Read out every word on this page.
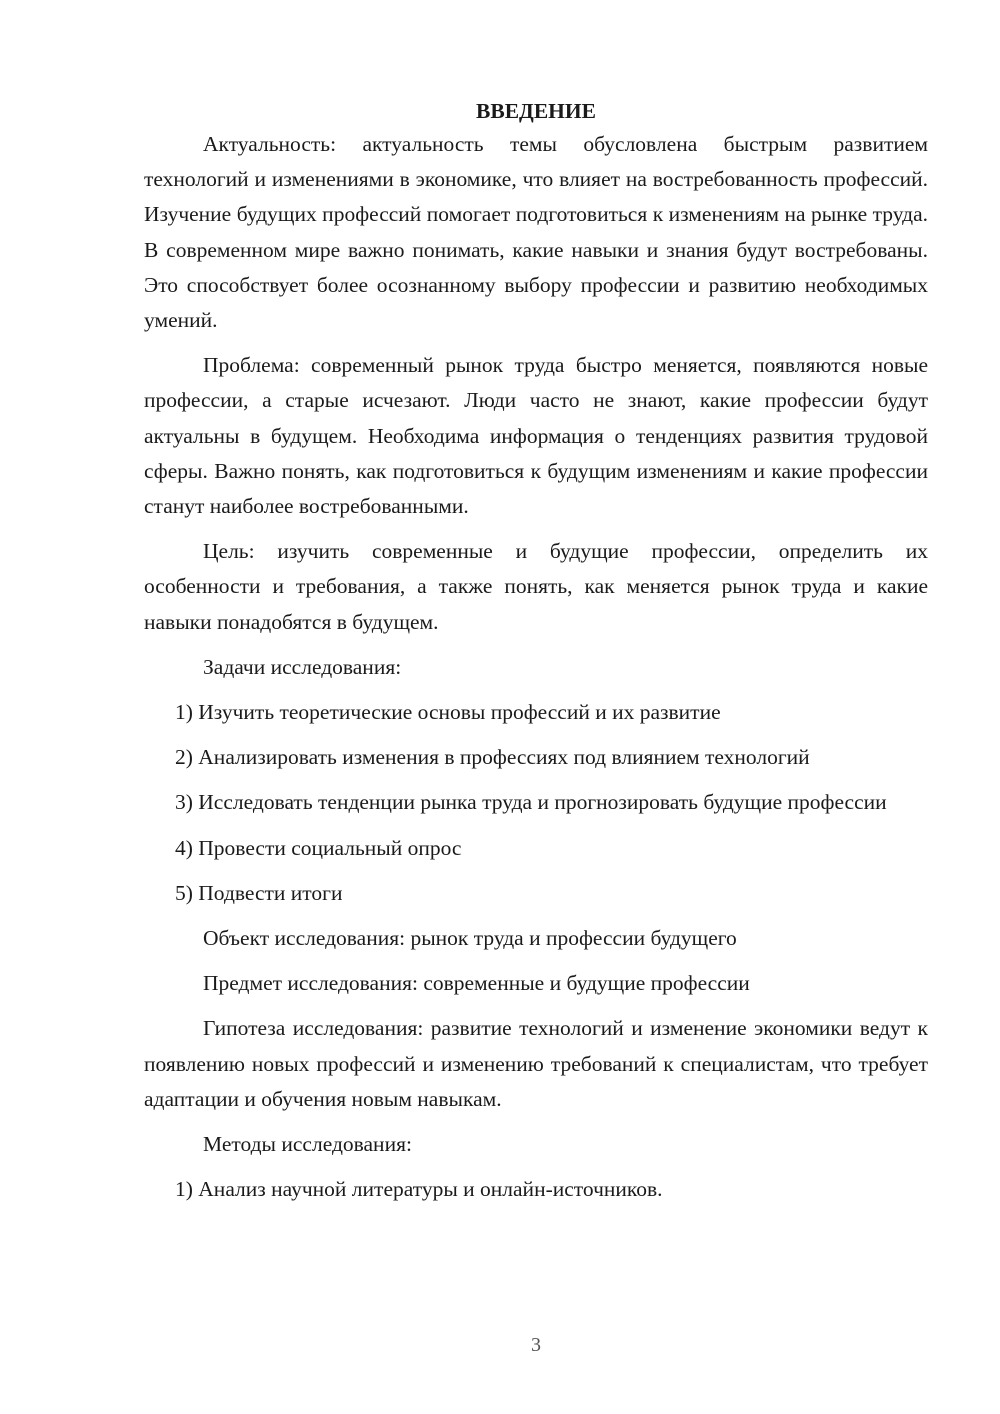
ВВЕДЕНИЕ

Актуальность: актуальность темы обусловлена быстрым развитием технологий и изменениями в экономике, что влияет на востребованность профессий. Изучение будущих профессий помогает подготовиться к изменениям на рынке труда. В современном мире важно понимать, какие навыки и знания будут востребованы. Это способствует более осознанному выбору профессии и развитию необходимых умений.

Проблема: современный рынок труда быстро меняется, появляются новые профессии, а старые исчезают. Люди часто не знают, какие профессии будут актуальны в будущем. Необходима информация о тенденциях развития трудовой сферы. Важно понять, как подготовиться к будущим изменениям и какие профессии станут наиболее востребованными.

Цель: изучить современные и будущие профессии, определить их особенности и требования, а также понять, как меняется рынок труда и какие навыки понадобятся в будущем.

Задачи исследования:

1) Изучить теоретические основы профессий и их развитие

2) Анализировать изменения в профессиях под влиянием технологий

3) Исследовать тенденции рынка труда и прогнозировать будущие профессии

4) Провести социальный опрос

5) Подвести итоги

Объект исследования: рынок труда и профессии будущего

Предмет исследования: современные и будущие профессии

Гипотеза исследования: развитие технологий и изменение экономики ведут к появлению новых профессий и изменению требований к специалистам, что требует адаптации и обучения новым навыкам.

Методы исследования:

1) Анализ научной литературы и онлайн-источников.

3
